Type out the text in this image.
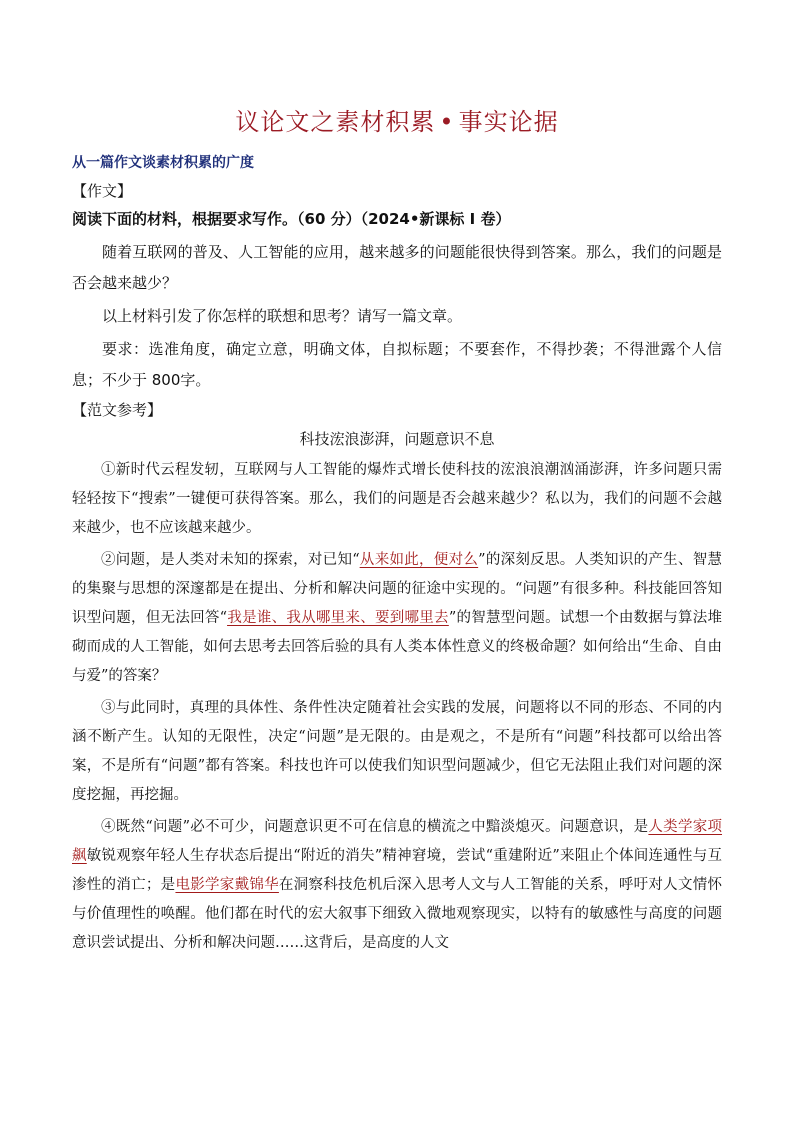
议论文之素材积累 • 事实论据

从一篇作文谈素材积累的广度

【作文】

阅读下面的材料，根据要求写作。（60 分）（2024•新课标 I 卷）

随着互联网的普及、人工智能的应用，越来越多的问题能很快得到答案。那么，我们的问题是否会越来越少？

以上材料引发了你怎样的联想和思考？请写一篇文章。

要求：选准角度，确定立意，明确文体，自拟标题；不要套作，不得抄袭；不得泄露个人信息；不少于 800字。

【范文参考】

科技浤浪澎湃，问题意识不息

①新时代云程发轫，互联网与人工智能的爆炸式增长使科技的浤浪浪潮汹涌澎湃，许多问题只需轻轻按下“搜索”一键便可获得答案。那么，我们的问题是否会越来越少？私以为，我们的问题不会越来越少，也不应该越来越少。

②问题，是人类对未知的探索，对已知“从来如此，便对么”的深刻反思。人类知识的产生、智慧的集聚与思想的深邃都是在提出、分析和解决问题的征途中实现的。“问题”有很多种。科技能回答知识型问题，但无法回答“我是谁、我从哪里来、要到哪里去”的智慧型问题。试想一个由数据与算法堆砌而成的人工智能，如何去思考去回答后验的具有人类本体性意义的终极命题？如何给出“生命、自由与爱”的答案？

③与此同时，真理的具体性、条件性决定随着社会实践的发展，问题将以不同的形态、不同的内涵不断产生。认知的无限性，决定“问题”是无限的。由是观之，不是所有“问题”科技都可以给出答案，不是所有“问题”都有答案。科技也许可以使我们知识型问题减少，但它无法阻止我们对问题的深度挖掘，再挖掘。

④既然“问题”必不可少，问题意识更不可在信息的横流之中黯淡熄灭。问题意识，是人类学家项飙敏锐观察年轻人生存状态后提出“附近的消失”精神窘境，尝试“重建附近”来阻止个体间连通性与互渗性的消亡；是电影学家戴锦华在洞察科技危机后深入思考人文与人工智能的关系，呼吁对人文情怀与价值理性的唤醒。他们都在时代的宏大叙事下细致入微地观察现实，以特有的敏感性与高度的问题意识尝试提出、分析和解决问题……这背后，是高度的人文
